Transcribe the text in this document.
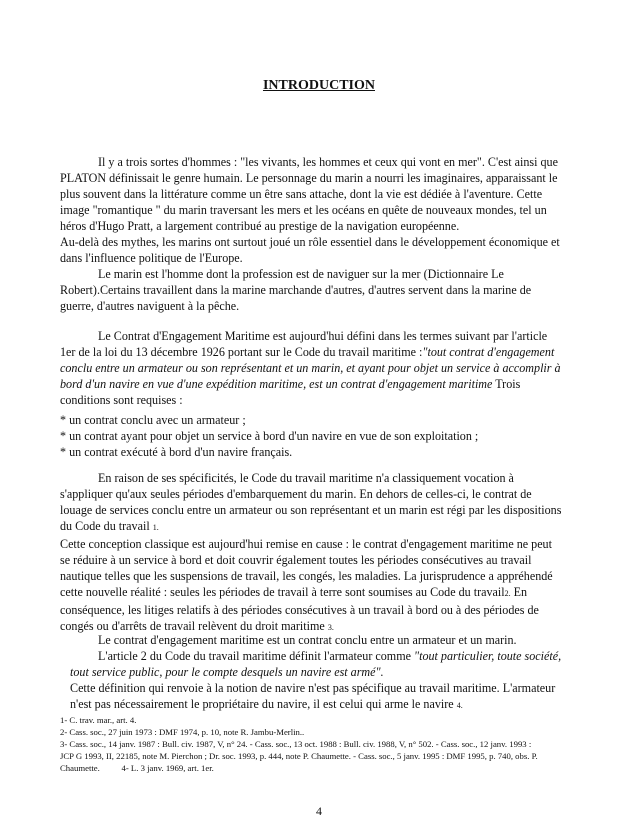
INTRODUCTION
Il y a trois sortes d'hommes : "les vivants, les hommes et ceux qui vont en mer". C'est ainsi que
PLATON définissait le genre humain. Le personnage du marin a nourri les imaginaires, apparaissant le
plus souvent dans la littérature comme un être sans attache, dont la vie est dédiée à l'aventure. Cette
image "romantique " du marin traversant les mers et les océans en quête de nouveaux mondes, tel un
héros d'Hugo Pratt, a largement contribué au prestige de la navigation européenne.
Au-delà des mythes, les marins ont surtout joué un rôle essentiel dans le développement économique et
dans l'influence politique de l'Europe.
Le marin est l'homme dont la profession est de naviguer sur la mer (Dictionnaire Le
Robert).Certains travaillent dans la marine marchande d'autres, d'autres servent dans la marine de
guerre, d'autres naviguent à la pêche.
Le Contrat d'Engagement Maritime est aujourd'hui défini dans les termes suivant par l'article
1er de la loi du 13 décembre 1926 portant sur le Code du travail maritime :"tout contrat d'engagement
conclu entre un armateur ou son représentant et un marin, et ayant pour objet un service à accomplir à
bord d'un navire en vue d'une expédition maritime, est un contrat d'engagement maritime Trois
conditions sont requises :
* un contrat conclu avec un armateur ;
* un contrat ayant pour objet un service à bord d'un navire en vue de son exploitation ;
* un contrat exécuté à bord d'un navire français.
En raison de ses spécificités, le Code du travail maritime n'a classiquement vocation à
s'appliquer qu'aux seules périodes d'embarquement du marin. En dehors de celles-ci, le contrat de
louage de services conclu entre un armateur ou son représentant et un marin est régi par les dispositions
du Code du travail 1.
Cette conception classique est aujourd'hui remise en cause : le contrat d'engagement maritime ne peut
se réduire à un service à bord et doit couvrir également toutes les périodes consécutives au travail
nautique telles que les suspensions de travail, les congés, les maladies. La jurisprudence a appréhendé
cette nouvelle réalité : seules les périodes de travail à terre sont soumises au Code du travail2. En
conséquence, les litiges relatifs à des périodes consécutives à un travail à bord ou à des périodes de
congés ou d'arrêts de travail relèvent du droit maritime 3.
Le contrat d'engagement maritime est un contrat conclu entre un armateur et un marin.
L'article 2 du Code du travail maritime définit l'armateur comme "tout particulier, toute société,
tout service public, pour le compte desquels un navire est armé".
Cette définition qui renvoie à la notion de navire n'est pas spécifique au travail maritime. L'armateur
n'est pas nécessairement le propriétaire du navire, il est celui qui arme le navire 4.
1- C. trav. mar., art. 4.
2- Cass. soc., 27 juin 1973 : DMF 1974, p. 10, note R. Jambu-Merlin..
3- Cass. soc., 14 janv. 1987 : Bull. civ. 1987, V, n° 24. - Cass. soc., 13 oct. 1988 : Bull. civ. 1988, V, n° 502. - Cass. soc., 12 janv. 1993 :
JCP G 1993, II, 22185, note M. Pierchon ; Dr. soc. 1993, p. 444, note P. Chaumette. - Cass. soc., 5 janv. 1995 : DMF 1995, p. 740, obs. P.
Chaumette.          4- L. 3 janv. 1969, art. 1er.
4
